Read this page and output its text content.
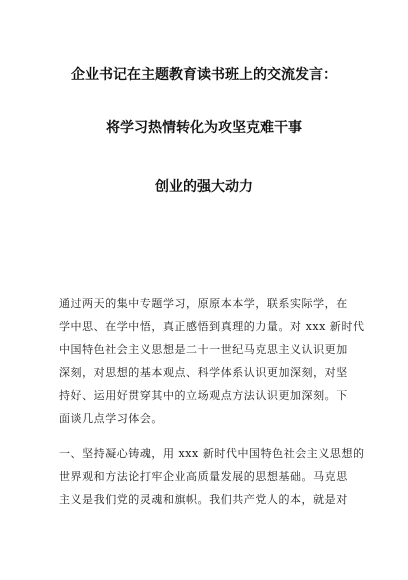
企业书记在主题教育读书班上的交流发言：
将学习热情转化为攻坚克难干事
创业的强大动力
通过两天的集中专题学习，原原本本学，联系实际学，在
学中思、在学中悟，真正感悟到真理的力量。对 xxx 新时代
中国特色社会主义思想是二十一世纪马克思主义认识更加
深刻，对思想的基本观点、科学体系认识更加深刻，对坚
持好、运用好贯穿其中的立场观点方法认识更加深刻。下
面谈几点学习体会。
一、坚持凝心铸魂，用 xxx 新时代中国特色社会主义思想的
世界观和方法论打牢企业高质量发展的思想基础。马克思
主义是我们党的灵魂和旗帜。我们共产党人的本，就是对
